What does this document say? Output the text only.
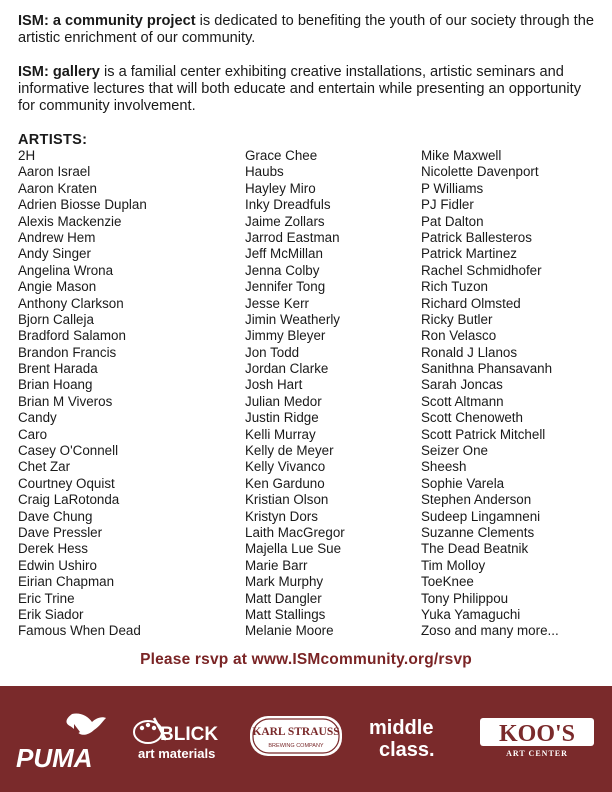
ISM: a community project is dedicated to benefiting the youth of our society through the artistic enrichment of our community.

ISM: gallery is a familial center exhibiting creative installations, artistic seminars and informative lectures that will both educate and entertain while presenting an opportunity for community involvement.

ARTISTS:
2H
Aaron Israel
Aaron Kraten
Adrien Biosse Duplan
Alexis Mackenzie
Andrew Hem
Andy Singer
Angelina Wrona
Angie Mason
Anthony Clarkson
Bjorn Calleja
Bradford Salamon
Brandon Francis
Brent Harada
Brian Hoang
Brian M Viveros
Candy
Caro
Casey O'Connell
Chet Zar
Courtney Oquist
Craig LaRotonda
Dave Chung
Dave Pressler
Derek Hess
Edwin Ushiro
Eirian Chapman
Eric Trine
Erik Siador
Famous When Dead
Grace Chee
Haubs
Hayley Miro
Inky Dreadfuls
Jaime Zollars
Jarrod Eastman
Jeff McMillan
Jenna Colby
Jennifer Tong
Jesse Kerr
Jimin Weatherly
Jimmy Bleyer
Jon Todd
Jordan Clarke
Josh Hart
Julian Medor
Justin Ridge
Kelli Murray
Kelly de Meyer
Kelly Vivanco
Ken Garduno
Kristian Olson
Kristyn Dors
Laith MacGregor
Majella Lue Sue
Marie Barr
Mark Murphy
Matt Dangler
Matt Stallings
Melanie Moore
Mike Maxwell
Nicolette Davenport
P Williams
PJ Fidler
Pat Dalton
Patrick Ballesteros
Patrick Martinez
Rachel Schmidhofer
Rich Tuzon
Richard Olmsted
Ricky Butler
Ron Velasco
Ronald J Llanos
Sanithna Phansavanh
Sarah Joncas
Scott Altmann
Scott Chenoweth
Scott Patrick Mitchell
Seizer One
Sheesh
Sophie Varela
Stephen Anderson
Sudeep Lingamneni
Suzanne Clements
The Dead Beatnik
Tim Molloy
ToeKnee
Tony Philippou
Yuka Yamaguchi
Zoso and many more...
Please rsvp at www.ISMcommunity.org/rsvp
PUMA
BLICK
art materials
KARL STRAUSS
BREWING COMPANY
middle
class.
KOO'S
ART CENTER
